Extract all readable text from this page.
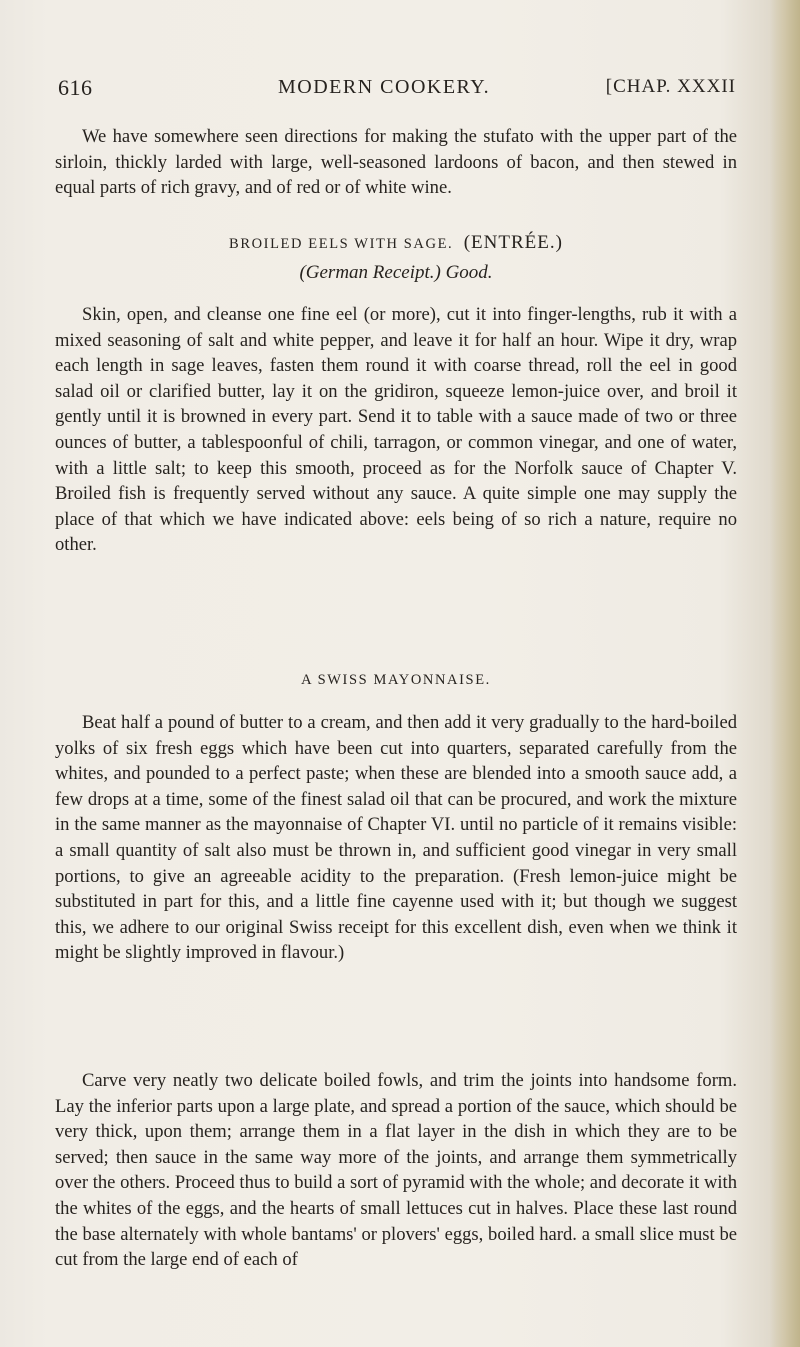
616	MODERN COOKERY.	[CHAP. XXXII

We have somewhere seen directions for making the stufato with the upper part of the sirloin, thickly larded with large, well-seasoned lardoons of bacon, and then stewed in equal parts of rich gravy, and of red or of white wine.

BROILED EELS WITH SAGE. (ENTRÉE.)

(German Receipt.) Good.

Skin, open, and cleanse one fine eel (or more), cut it into finger-lengths, rub it with a mixed seasoning of salt and white pepper, and leave it for half an hour. Wipe it dry, wrap each length in sage leaves, fasten them round it with coarse thread, roll the eel in good salad oil or clarified butter, lay it on the gridiron, squeeze lemon-juice over, and broil it gently until it is browned in every part. Send it to table with a sauce made of two or three ounces of butter, a tablespoonful of chili, tarragon, or common vinegar, and one of water, with a little salt; to keep this smooth, proceed as for the Norfolk sauce of Chapter V. Broiled fish is frequently served without any sauce. A quite simple one may supply the place of that which we have indicated above: eels being of so rich a nature, require no other.

A SWISS MAYONNAISE.

Beat half a pound of butter to a cream, and then add it very gradually to the hard-boiled yolks of six fresh eggs which have been cut into quarters, separated carefully from the whites, and pounded to a perfect paste; when these are blended into a smooth sauce add, a few drops at a time, some of the finest salad oil that can be procured, and work the mixture in the same manner as the mayonnaise of Chapter VI. until no particle of it remains visible: a small quantity of salt also must be thrown in, and sufficient good vinegar in very small portions, to give an agreeable acidity to the preparation. (Fresh lemon-juice might be substituted in part for this, and a little fine cayenne used with it; but though we suggest this, we adhere to our original Swiss receipt for this excellent dish, even when we think it might be slightly improved in flavour.)

Carve very neatly two delicate boiled fowls, and trim the joints into handsome form. Lay the inferior parts upon a large plate, and spread a portion of the sauce, which should be very thick, upon them; arrange them in a flat layer in the dish in which they are to be served; then sauce in the same way more of the joints, and arrange them symmetrically over the others. Proceed thus to build a sort of pyramid with the whole; and decorate it with the whites of the eggs, and the hearts of small lettuces cut in halves. Place these last round the base alternately with whole bantams' or plovers' eggs, boiled hard. a small slice must be cut from the large end of each of
